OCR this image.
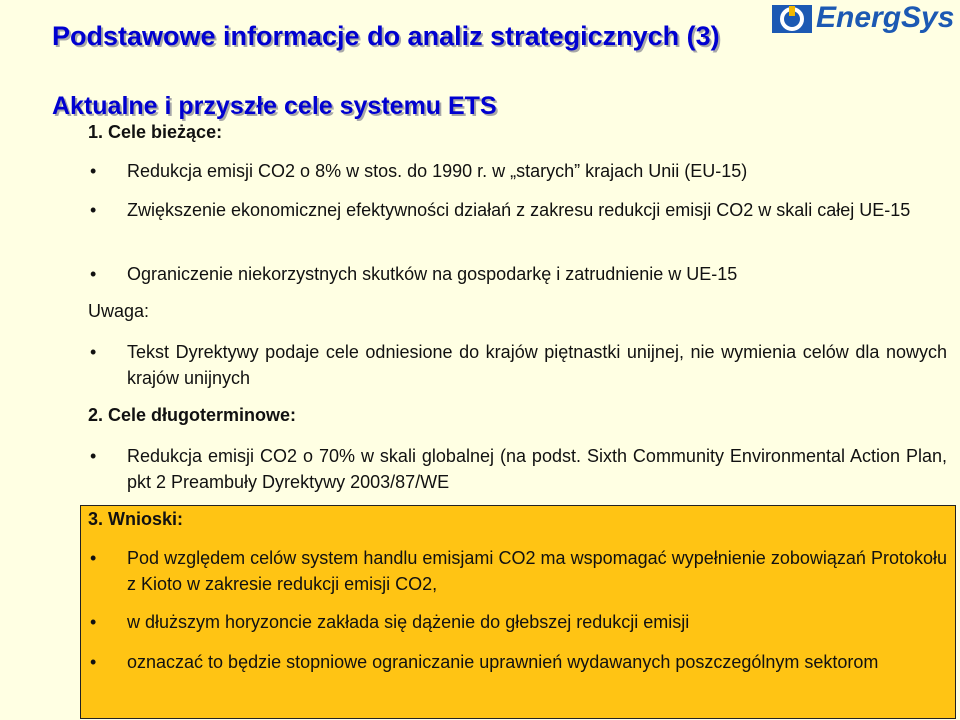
Podstawowe informacje do analiz strategicznych (3)
Aktualne i przyszłe cele systemu ETS
EnergSys
1. Cele bieżące:
• Redukcja emisji CO2 o 8% w stos. do 1990 r. w „starych” krajach Unii (EU-15)
• Zwiększenie ekonomicznej efektywności działań z zakresu redukcji emisji CO2 w skali całej UE-15
• Ograniczenie niekorzystnych skutków na gospodarkę i zatrudnienie w UE-15
Uwaga:
• Tekst Dyrektywy podaje cele odniesione do krajów piętnastki unijnej, nie wymienia celów dla nowych krajów unijnych
2. Cele długoterminowe:
• Redukcja emisji CO2 o 70% w skali globalnej (na podst. Sixth Community Environmental Action Plan, pkt 2 Preambuły Dyrektywy 2003/87/WE
3. Wnioski:
• Pod względem celów system handlu emisjami CO2 ma wspomagać wypełnienie zobowiązań Protokołu z Kioto w zakresie redukcji emisji CO2,
• w dłuższym horyzoncie zakłada się dążenie do głebszej redukcji emisji
• oznaczać to będzie stopniowe ograniczanie uprawnień wydawanych poszczególnym sektorom
